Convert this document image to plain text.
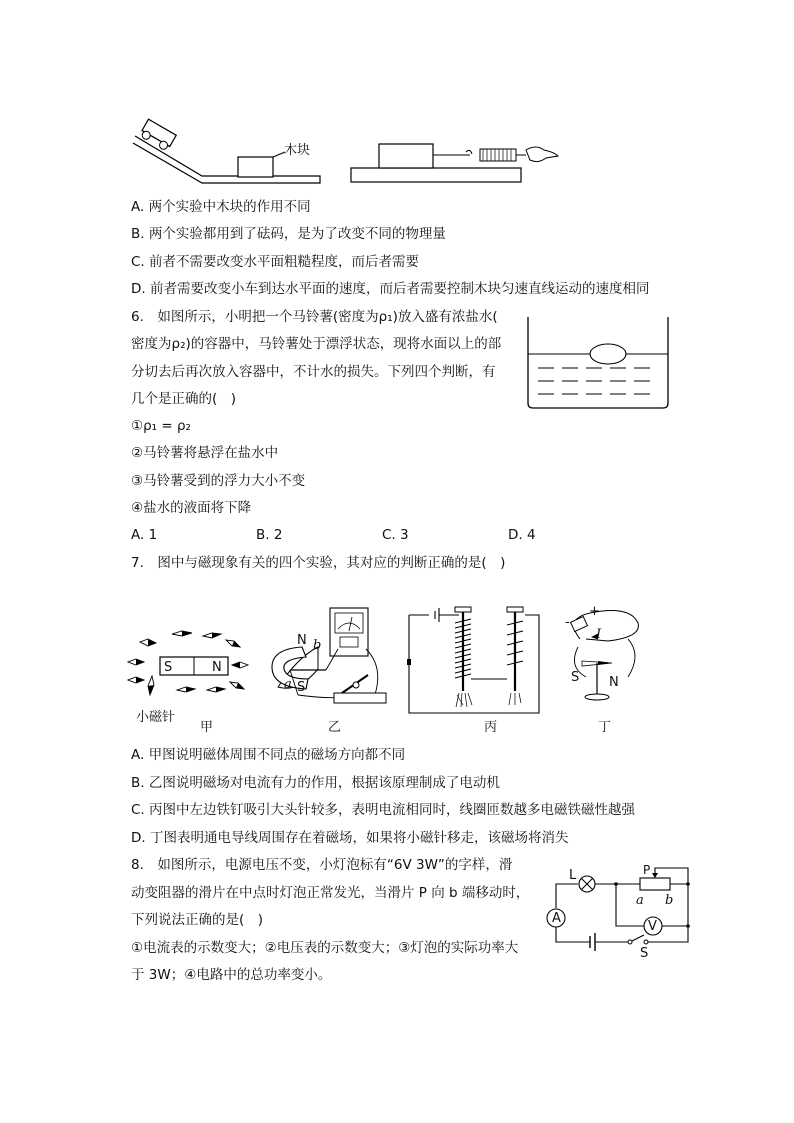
木块
A. 两个实验中木块的作用不同
B. 两个实验都用到了砝码，是为了改变不同的物理量
C. 前者不需要改变水平面粗糙程度，而后者需要
D. 前者需要改变小车到达水平面的速度，而后者需要控制木块匀速直线运动的速度相同
6.　如图所示，小明把一个马铃薯(密度为ρ₁)放入盛有浓盐水(
密度为ρ₂)的容器中，马铃薯处于漂浮状态，现将水面以上的部
分切去后再次放入容器中，不计水的损失。下列四个判断，有
几个是正确的(　)
①ρ₁ = ρ₂
②马铃薯将悬浮在盐水中
③马铃薯受到的浮力大小不变
④盐水的液面将下降
A. 1	B. 2	C. 3	D. 4
7.　图中与磁现象有关的四个实验，其对应的判断正确的是(　)
S	N
小磁针
甲
N b
a S
乙	丙
+
-
I
S N
丁
A. 甲图说明磁体周围不同点的磁场方向都不同
B. 乙图说明磁场对电流有力的作用，根据该原理制成了电动机
C. 丙图中左边铁钉吸引大头针较多，表明电流相同时，线圈匝数越多电磁铁磁性越强
D. 丁图表明通电导线周围存在着磁场，如果将小磁针移走，该磁场将消失
8.　如图所示，电源电压不变，小灯泡标有“6V 3W”的字样，滑
动变阻器的滑片在中点时灯泡正常发光，当滑片 P 向 b 端移动时，
下列说法正确的是(　)
①电流表的示数变大；②电压表的示数变大；③灯泡的实际功率大
于 3W；④电路中的总功率变小。
L	P
a b
A
V
S
